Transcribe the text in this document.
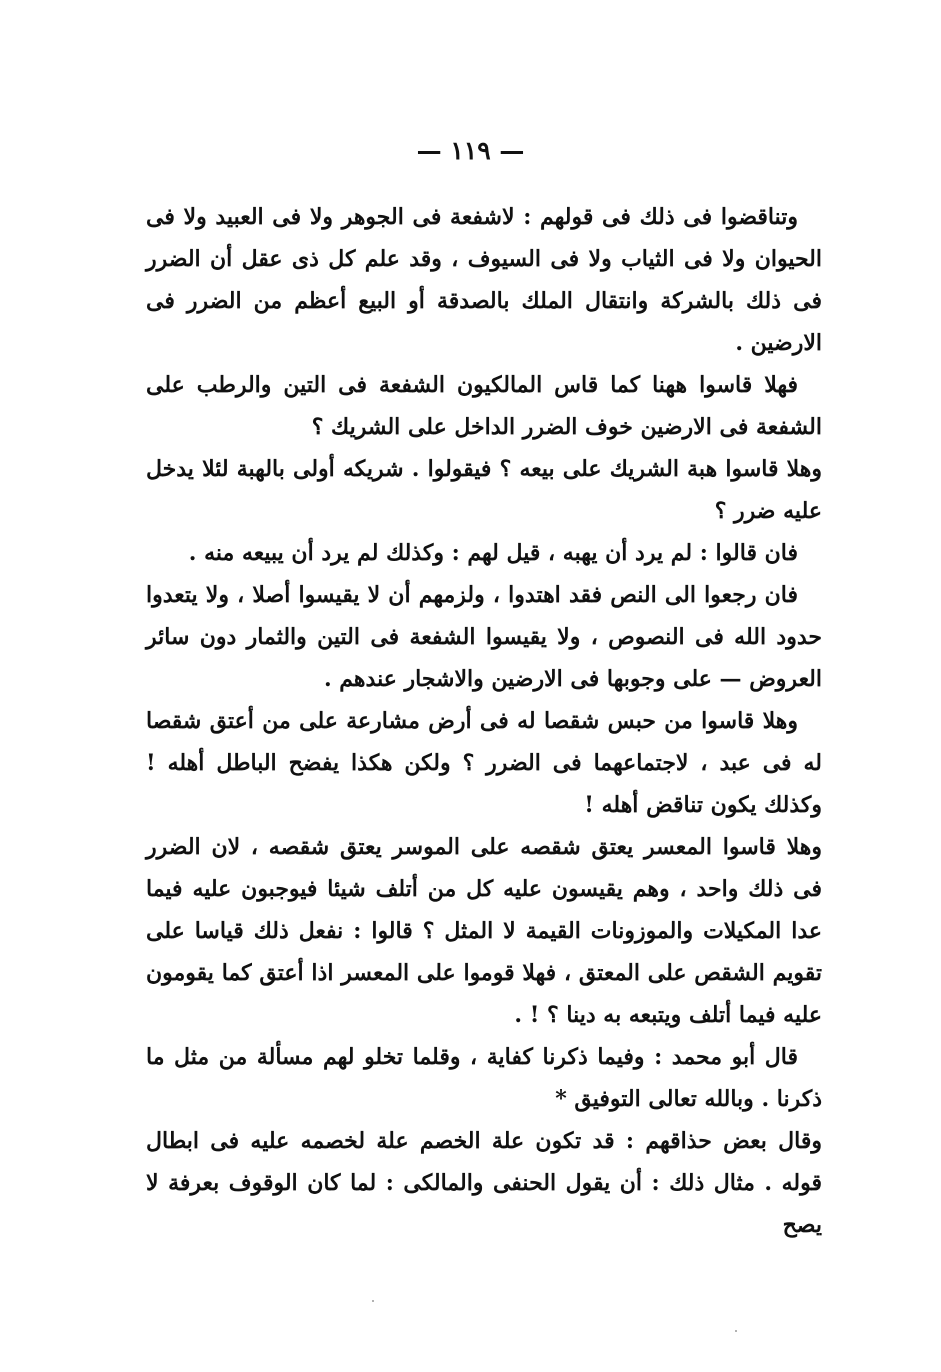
— ١١٩ —

وتناقضوا فى ذلك فى قولهم : لاشفعة فى الجوهر ولا فى العبيد ولا فى الحيوان ولا فى الثياب ولا فى السيوف ، وقد علم كل ذى عقل أن الضرر فى ذلك بالشركة وانتقال الملك بالصدقة أو البيع أعظم من الضرر فى الارضين .

فهلا قاسوا ههنا كما قاس المالكيون الشفعة فى التين والرطب على الشفعة فى الارضين خوف الضرر الداخل على الشريك ؟

وهلا قاسوا هبة الشريك على بيعه ؟ فيقولوا . شريكه أولى بالهبة لئلا يدخل عليه ضرر ؟

فان قالوا : لم يرد أن يهبه ، قيل لهم : وكذلك لم يرد أن يبيعه منه .

فان رجعوا الى النص فقد اهتدوا ، ولزمهم أن لا يقيسوا أصلا ، ولا يتعدوا حدود الله فى النصوص ، ولا يقيسوا الشفعة فى التين والثمار دون سائر العروض — على وجوبها فى الارضين والاشجار عندهم .

وهلا قاسوا من حبس شقصا له فى أرض مشارعة على من أعتق شقصا له فى عبد ، لاجتماعهما فى الضرر ؟ ولكن هكذا يفضح الباطل أهله ! وكذلك يكون تناقض أهله !

وهلا قاسوا المعسر يعتق شقصه على الموسر يعتق شقصه ، لان الضرر فى ذلك واحد ، وهم يقيسون عليه كل من أتلف شيئا فيوجبون عليه فيما عدا المكيلات والموزونات القيمة لا المثل ؟ قالوا : نفعل ذلك قياسا على تقويم الشقص على المعتق ، فهلا قوموا على المعسر اذا أعتق كما يقومون عليه فيما أتلف ويتبعه به دينا ؟ ! .

قال أبو محمد : وفيما ذكرنا كفاية ، وقلما تخلو لهم مسألة من مثل ما ذكرنا . وبالله تعالى التوفيق *

وقال بعض حذاقهم : قد تكون علة الخصم علة لخصمه عليه فى ابطال قوله . مثال ذلك : أن يقول الحنفى والمالكى : لما كان الوقوف بعرفة لا يصح
